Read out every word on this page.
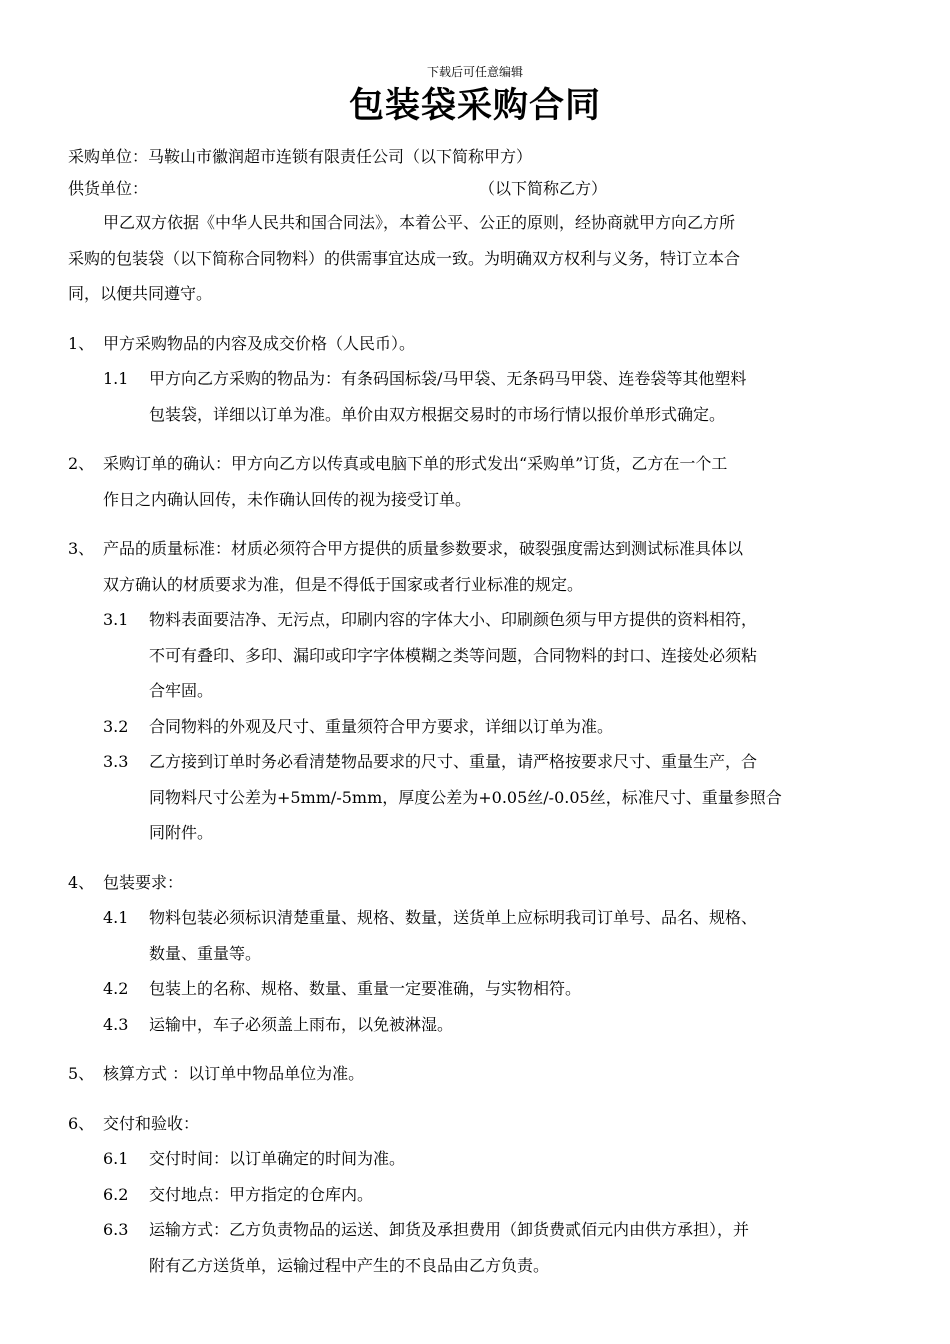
下载后可任意编辑
包装袋采购合同
采购单位：马鞍山市徽润超市连锁有限责任公司（以下简称甲方）
供货单位：	（以下简称乙方）
甲乙双方依据《中华人民共和国合同法》，本着公平、公正的原则，经协商就甲方向乙方所
采购的包装袋（以下简称合同物料）的供需事宜达成一致。为明确双方权利与义务，特订立本合
同，以便共同遵守。
1、 甲方采购物品的内容及成交价格（人民币）。
1.1 甲方向乙方采购的物品为：有条码国标袋/马甲袋、无条码马甲袋、连卷袋等其他塑料
包装袋，详细以订单为准。单价由双方根据交易时的市场行情以报价单形式确定。
2、 采购订单的确认：甲方向乙方以传真或电脑下单的形式发出“采购单”订货，乙方在一个工
作日之内确认回传，未作确认回传的视为接受订单。
3、 产品的质量标准：材质必须符合甲方提供的质量参数要求，破裂强度需达到测试标准具体以
双方确认的材质要求为准，但是不得低于国家或者行业标准的规定。
3.1 物料表面要洁净、无污点，印刷内容的字体大小、印刷颜色须与甲方提供的资料相符，
不可有叠印、多印、漏印或印字字体模糊之类等问题，合同物料的封口、连接处必须粘
合牢固。
3.2 合同物料的外观及尺寸、重量须符合甲方要求，详细以订单为准。
3.3 乙方接到订单时务必看清楚物品要求的尺寸、重量，请严格按要求尺寸、重量生产，合
同物料尺寸公差为+5mm/-5mm，厚度公差为+0.05丝/-0.05丝，标准尺寸、重量参照合
同附件。
4、 包装要求：
4.1 物料包装必须标识清楚重量、规格、数量，送货单上应标明我司订单号、品名、规格、
数量、重量等。
4.2 包装上的名称、规格、数量、重量一定要准确，与实物相符。
4.3 运输中，车子必须盖上雨布，以免被淋湿。
5、 核算方式 ：以订单中物品单位为准。
6、 交付和验收：
6.1 交付时间：以订单确定的时间为准。
6.2 交付地点：甲方指定的仓库内。
6.3 运输方式：乙方负责物品的运送、卸货及承担费用（卸货费贰佰元内由供方承担），并
附有乙方送货单，运输过程中产生的不良品由乙方负责。
